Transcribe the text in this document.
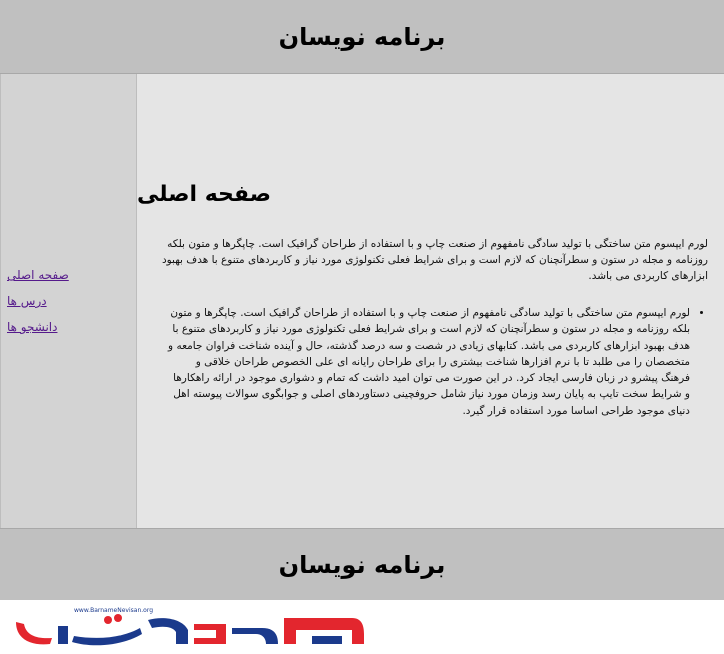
برنامه نویسان
صفحه اصلی
درس ها
دانشجو ها
صفحه اصلی

لورم ایپسوم متن ساختگی با تولید سادگی نامفهوم از صنعت چاپ و با استفاده از طراحان گرافیک است. چاپگرها و متون بلکه روزنامه و مجله در ستون و سطرآنچنان که لازم است و برای شرایط فعلی تکنولوژی مورد نیاز و کاربردهای متنوع با هدف بهبود ابزارهای کاربردی می باشد.

• لورم ایپسوم متن ساختگی با تولید سادگی نامفهوم از صنعت چاپ و با استفاده از طراحان گرافیک است. چاپگرها و متون بلکه روزنامه و مجله در ستون و سطرآنچنان که لازم است و برای شرایط فعلی تکنولوژی مورد نیاز و کاربردهای متنوع با هدف بهبود ابزارهای کاربردی می باشد. کتابهای زیادی در شصت و سه درصد گذشته، حال و آینده شناخت فراوان جامعه و متخصصان را می طلبد تا با نرم افزارها شناخت بیشتری را برای طراحان رایانه ای علی الخصوص طراحان خلاقی و فرهنگ پیشرو در زبان فارسی ایجاد کرد. در این صورت می توان امید داشت که تمام و دشواری موجود در ارائه راهکارها و شرایط سخت تایپ به پایان رسد وزمان مورد نیاز شامل حروفچینی دستاوردهای اصلی و جوابگوی سوالات پیوسته اهل دنیای موجود طراحی اساسا مورد استفاده قرار گیرد.
برنامه نویسان
www.BarnameNevisan.org
